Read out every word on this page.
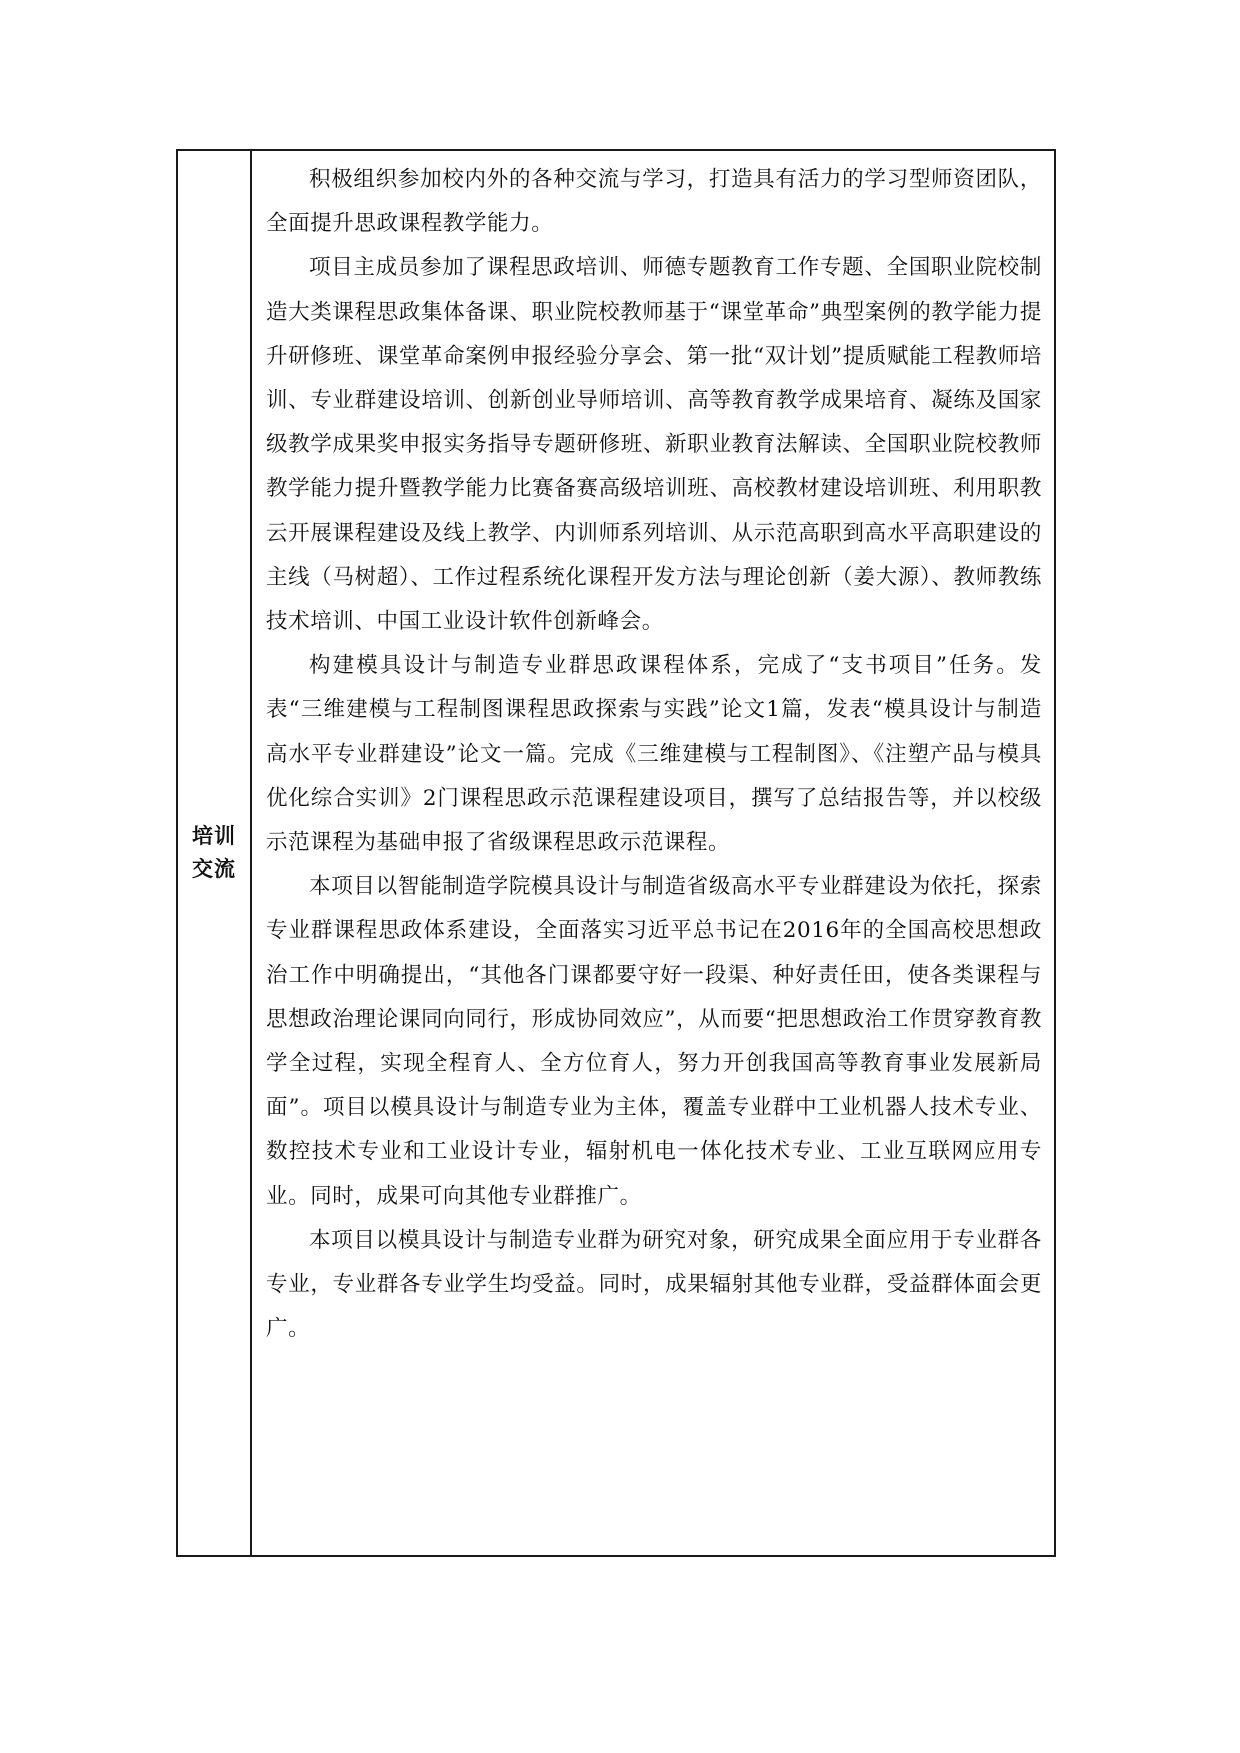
培训
交流

积极组织参加校内外的各种交流与学习，打造具有活力的学习型师资团队，全面提升思政课程教学能力。

项目主成员参加了课程思政培训、师德专题教育工作专题、全国职业院校制造大类课程思政集体备课、职业院校教师基于“课堂革命”典型案例的教学能力提升研修班、课堂革命案例申报经验分享会、第一批“双计划”提质赋能工程教师培训、专业群建设培训、创新创业导师培训、高等教育教学成果培育、凝练及国家级教学成果奖申报实务指导专题研修班、新职业教育法解读、全国职业院校教师教学能力提升暨教学能力比赛备赛高级培训班、高校教材建设培训班、利用职教云开展课程建设及线上教学、内训师系列培训、从示范高职到高水平高职建设的主线（马树超）、工作过程系统化课程开发方法与理论创新（姜大源）、教师教练技术培训、中国工业设计软件创新峰会。

构建模具设计与制造专业群思政课程体系，完成了“支书项目”任务。发表“三维建模与工程制图课程思政探索与实践”论文1篇，发表“模具设计与制造高水平专业群建设”论文一篇。完成《三维建模与工程制图》、《注塑产品与模具优化综合实训》2门课程思政示范课程建设项目，撰写了总结报告等，并以校级示范课程为基础申报了省级课程思政示范课程。

本项目以智能制造学院模具设计与制造省级高水平专业群建设为依托，探索专业群课程思政体系建设，全面落实习近平总书记在2016年的全国高校思想政治工作中明确提出，“其他各门课都要守好一段渠、种好责任田，使各类课程与思想政治理论课同向同行，形成协同效应”，从而要“把思想政治工作贯穿教育教学全过程，实现全程育人、全方位育人，努力开创我国高等教育事业发展新局面”。项目以模具设计与制造专业为主体，覆盖专业群中工业机器人技术专业、数控技术专业和工业设计专业，辐射机电一体化技术专业、工业互联网应用专业。同时，成果可向其他专业群推广。

本项目以模具设计与制造专业群为研究对象，研究成果全面应用于专业群各专业，专业群各专业学生均受益。同时，成果辐射其他专业群，受益群体面会更广。
